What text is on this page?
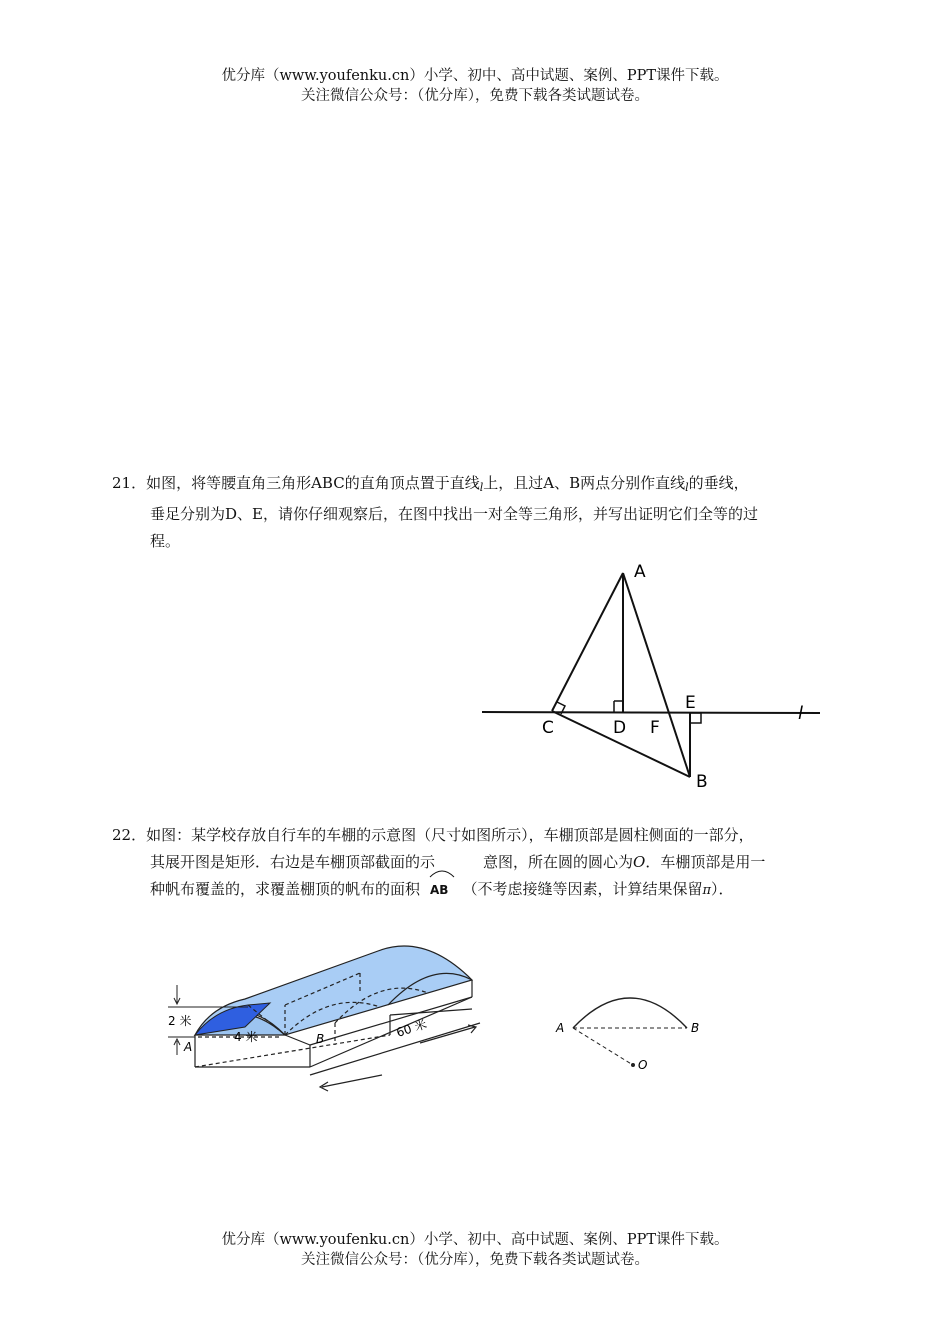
优分库（www.youfenku.cn）小学、初中、高中试题、案例、PPT课件下载。
关注微信公众号：（优分库），免费下载各类试题试卷。
21．如图，将等腰直角三角形ABC的直角顶点置于直线$_l$上，且过A、B两点分别作直线$_l$的垂线，
垂足分别为D、E，请你仔细观察后，在图中找出一对全等三角形，并写出证明它们全等的过
程。
A
C	D F
E
B
l
22．如图：某学校存放自行车的车棚的示意图（尺寸如图所示），车棚顶部是圆柱侧面的一部分，
其展开图是矩形．右边是车棚顶部截面的示	意图，所在圆的圆心为O．车棚顶部是用一
种帆布覆盖的，求覆盖棚顶的帆布的面积 AB （不考虑接缝等因素，计算结果保留π）．
2 米
4 米
A
B	60 米	A	B
O
优分库（www.youfenku.cn）小学、初中、高中试题、案例、PPT课件下载。
关注微信公众号：（优分库），免费下载各类试题试卷。
